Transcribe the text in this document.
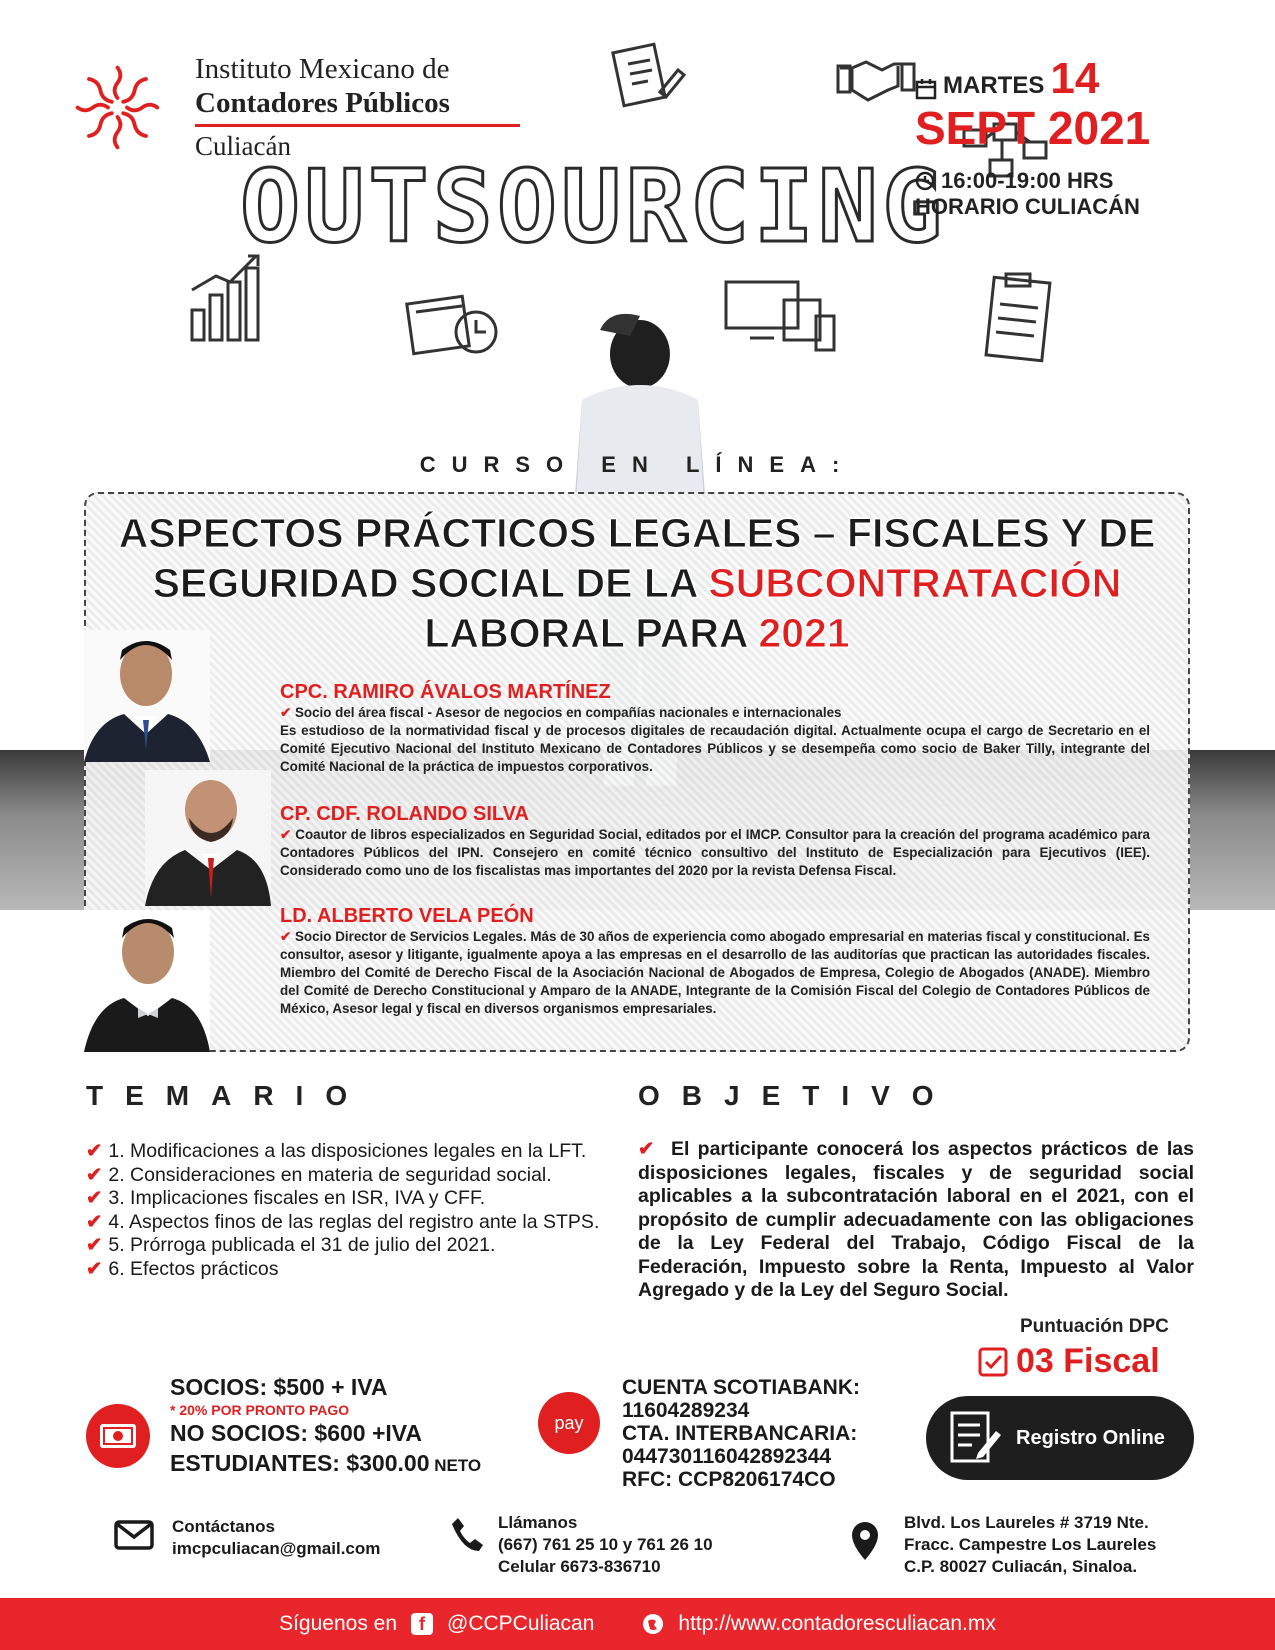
Instituto Mexicano de
Contadores Públicos
Culiacán
OUTSOURCING
MARTES 14
SEPT 2021
16:00-19:00 HRS
HORARIO CULIACÁN
CURSO EN LÍNEA:
ASPECTOS PRÁCTICOS LEGALES – FISCALES Y DE SEGURIDAD SOCIAL DE LA SUBCONTRATACIÓN LABORAL PARA 2021
CPC. RAMIRO ÁVALOS MARTÍNEZ
✔ Socio del área fiscal - Asesor de negocios en compañías nacionales e internacionales
Es estudioso de la normatividad fiscal y de procesos digitales de recaudación digital. Actualmente ocupa el cargo de Secretario en el Comité Ejecutivo Nacional del Instituto Mexicano de Contadores Públicos y se desempeña como socio de Baker Tilly, integrante del Comité Nacional de la práctica de impuestos corporativos.
CP. CDF. ROLANDO SILVA
✔ Coautor de libros especializados en Seguridad Social, editados por el IMCP. Consultor para la creación del programa académico para Contadores Públicos del IPN. Consejero en comité técnico consultivo del Instituto de Especialización para Ejecutivos (IEE). Considerado como uno de los fiscalistas mas importantes del 2020 por la revista Defensa Fiscal.
LD. ALBERTO VELA PEÓN
✔ Socio Director de Servicios Legales. Más de 30 años de experiencia como abogado empresarial en materias fiscal y constitucional. Es consultor, asesor y litigante, igualmente apoya a las empresas en el desarrollo de las auditorías que practican las autoridades fiscales. Miembro del Comité de Derecho Fiscal de la Asociación Nacional de Abogados de Empresa, Colegio de Abogados (ANADE). Miembro del Comité de Derecho Constitucional y Amparo de la ANADE, Integrante de la Comisión Fiscal del Colegio de Contadores Públicos de México, Asesor legal y fiscal en diversos organismos empresariales.
TEMARIO	OBJETIVO
✔ 1. Modificaciones a las disposiciones legales en la LFT.
✔ 2. Consideraciones en materia de seguridad social.
✔ 3. Implicaciones fiscales en ISR, IVA y CFF.
✔ 4. Aspectos finos de las reglas del registro ante la STPS.
✔ 5. Prórroga publicada el 31 de julio del 2021.
✔ 6. Efectos prácticos
✔ El participante conocerá los aspectos prácticos de las disposiciones legales, fiscales y de seguridad social aplicables a la subcontratación laboral en el 2021, con el propósito de cumplir adecuadamente con las obligaciones de la Ley Federal del Trabajo, Código Fiscal de la Federación, Impuesto sobre la Renta, Impuesto al Valor Agregado y de la Ley del Seguro Social.
Puntuación DPC
03 Fiscal
Registro Online
SOCIOS: $500 + IVA
* 20% POR PRONTO PAGO
NO SOCIOS: $600 +IVA
ESTUDIANTES: $300.00 NETO
pay
CUENTA SCOTIABANK:
11604289234
CTA. INTERBANCARIA:
044730116042892344
RFC: CCP8206174CO
Contáctanos
imcpculiacan@gmail.com
Llámanos
(667) 761 25 10 y 761 26 10
Celular 6673-836710
Blvd. Los Laureles # 3719 Nte.
Fracc. Campestre Los Laureles
C.P. 80027 Culiacán, Sinaloa.
Síguenos en	f	@CCPCuliacan	http://www.contadoresculiacan.mx
